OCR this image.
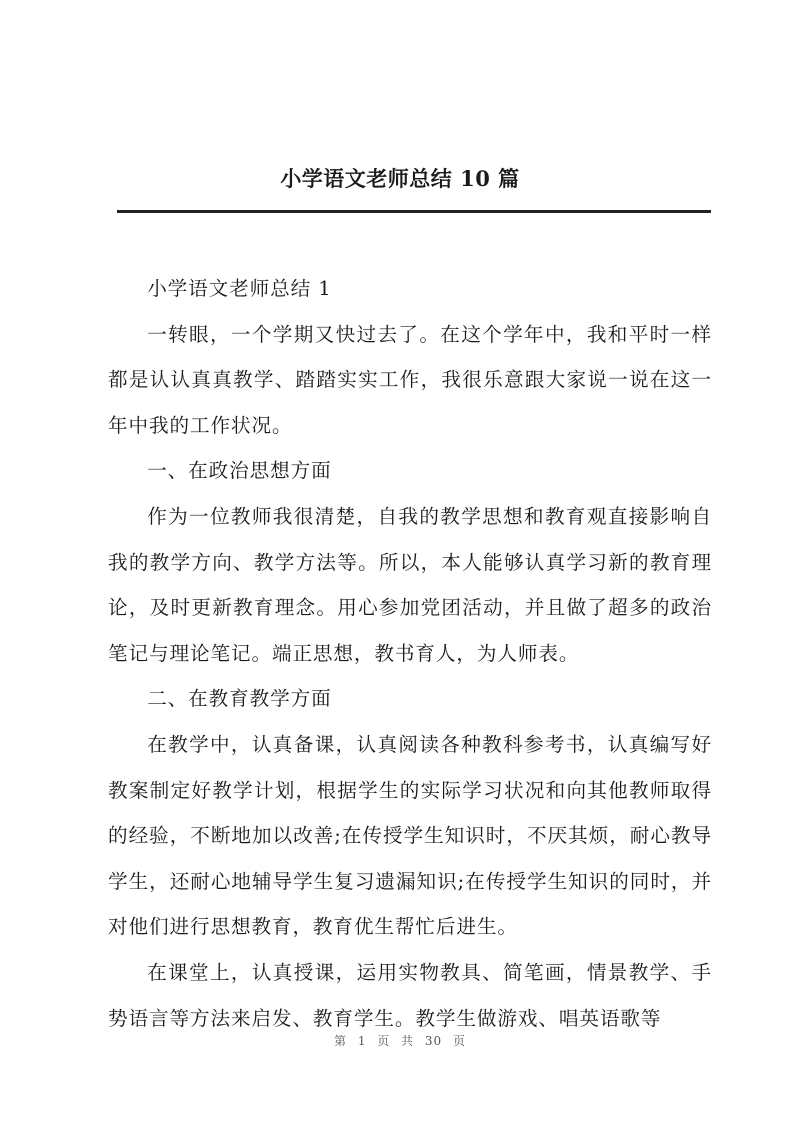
小学语文老师总结 10 篇

小学语文老师总结 1

一转眼，一个学期又快过去了。在这个学年中，我和平时一样都是认认真真教学、踏踏实实工作，我很乐意跟大家说一说在这一年中我的工作状况。

一、在政治思想方面

作为一位教师我很清楚，自我的教学思想和教育观直接影响自我的教学方向、教学方法等。所以，本人能够认真学习新的教育理论，及时更新教育理念。用心参加党团活动，并且做了超多的政治笔记与理论笔记。端正思想，教书育人，为人师表。

二、在教育教学方面

在教学中，认真备课，认真阅读各种教科参考书，认真编写好教案制定好教学计划，根据学生的实际学习状况和向其他教师取得的经验，不断地加以改善;在传授学生知识时，不厌其烦，耐心教导学生，还耐心地辅导学生复习遗漏知识;在传授学生知识的同时，并对他们进行思想教育，教育优生帮忙后进生。

在课堂上，认真授课，运用实物教具、简笔画，情景教学、手势语言等方法来启发、教育学生。教学生做游戏、唱英语歌等

第 1 页 共 30 页
